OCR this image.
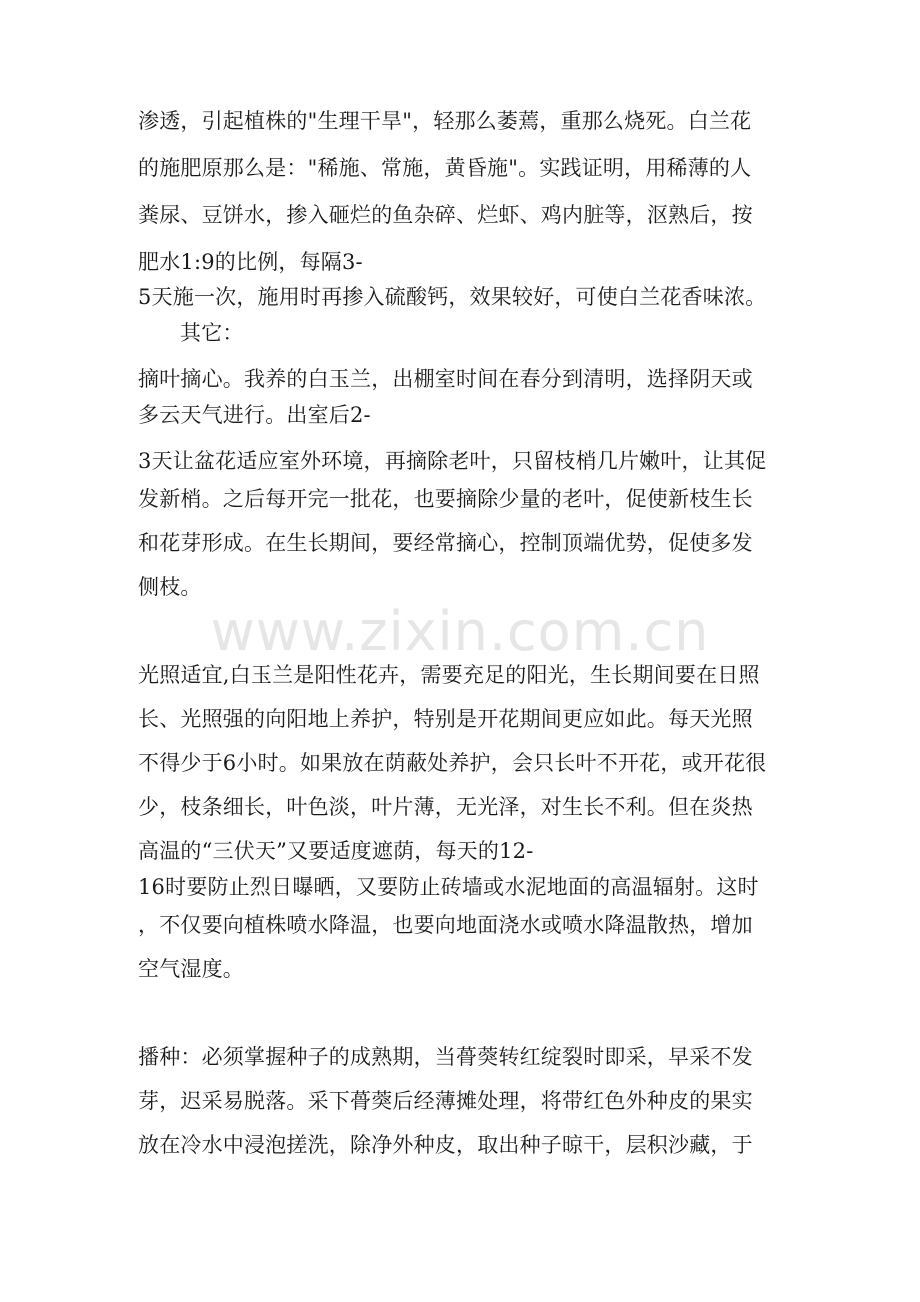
www.zixin.com.cn
渗透，引起植株的"生理干旱"，轻那么萎蔫，重那么烧死。白兰花
的施肥原那么是："稀施、常施，黄昏施"。实践证明，用稀薄的人
粪尿、豆饼水，掺入砸烂的鱼杂碎、烂虾、鸡内脏等，沤熟后，按
肥水1:9的比例，每隔3-
5天施一次，施用时再掺入硫酸钙，效果较好，可使白兰花香味浓。
其它：
摘叶摘心。我养的白玉兰，出棚室时间在春分到清明，选择阴天或
多云天气进行。出室后2-
3天让盆花适应室外环境，再摘除老叶，只留枝梢几片嫩叶，让其促
发新梢。之后每开完一批花，也要摘除少量的老叶，促使新枝生长
和花芽形成。在生长期间，要经常摘心，控制顶端优势，促使多发
侧枝。
光照适宜,白玉兰是阳性花卉，需要充足的阳光，生长期间要在日照
长、光照强的向阳地上养护，特别是开花期间更应如此。每天光照
不得少于6小时。如果放在荫蔽处养护，会只长叶不开花，或开花很
少，枝条细长，叶色淡，叶片薄，无光泽，对生长不利。但在炎热
高温的“三伏天”又要适度遮荫，每天的12-
16时要防止烈日曝晒，又要防止砖墙或水泥地面的高温辐射。这时
，不仅要向植株喷水降温，也要向地面浇水或喷水降温散热，增加
空气湿度。
播种：必须掌握种子的成熟期，当蓇葖转红绽裂时即采，早采不发
芽，迟采易脱落。采下蓇葖后经薄摊处理，将带红色外种皮的果实
放在冷水中浸泡搓洗，除净外种皮，取出种子晾干，层积沙藏，于
